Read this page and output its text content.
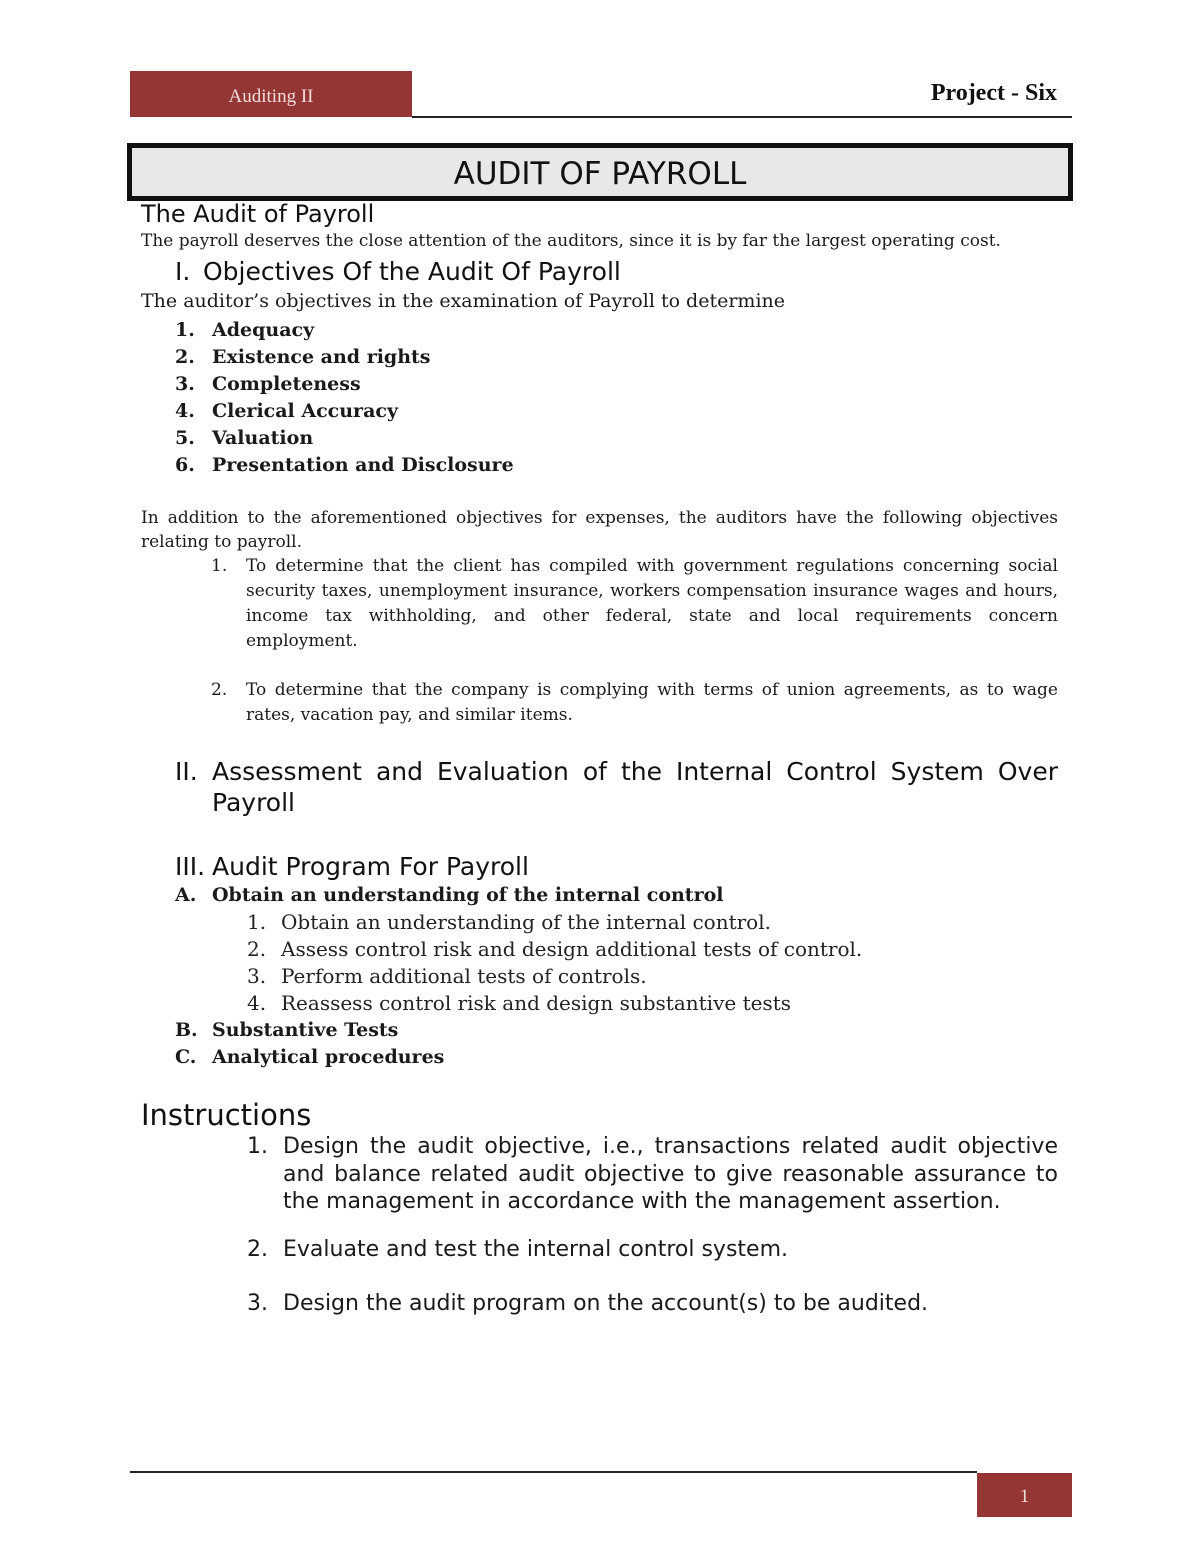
Auditing II	Project - Six
AUDIT OF PAYROLL
The Audit of Payroll

The payroll deserves the close attention of the auditors, since it is by far the largest operating cost.

I. Objectives Of the Audit Of Payroll

The auditor’s objectives in the examination of Payroll to determine

1. Adequacy
2. Existence and rights
3. Completeness
4. Clerical Accuracy
5. Valuation
6. Presentation and Disclosure

In addition to the aforementioned objectives for expenses, the auditors have the following objectives relating to payroll.

1.	To determine that the client has compiled with government regulations concerning social security taxes, unemployment insurance, workers compensation insurance wages and hours, income tax withholding, and other federal, state and local requirements concern employment.
2.	To determine that the company is complying with terms of union agreements, as to wage rates, vacation pay, and similar items.
II. Assessment and Evaluation of the Internal Control System Over Payroll
III. Audit Program For Payroll
A. Obtain an understanding of the internal control
1. Obtain an understanding of the internal control.
2. Assess control risk and design additional tests of control.
3. Perform additional tests of controls.
4. Reassess control risk and design substantive tests
B. Substantive Tests
C. Analytical procedures
Instructions
1. Design the audit objective, i.e., transactions related audit objective and balance related audit objective to give reasonable assurance to the management in accordance with the management assertion.
2. Evaluate and test the internal control system.
3. Design the audit program on the account(s) to be audited.
1
